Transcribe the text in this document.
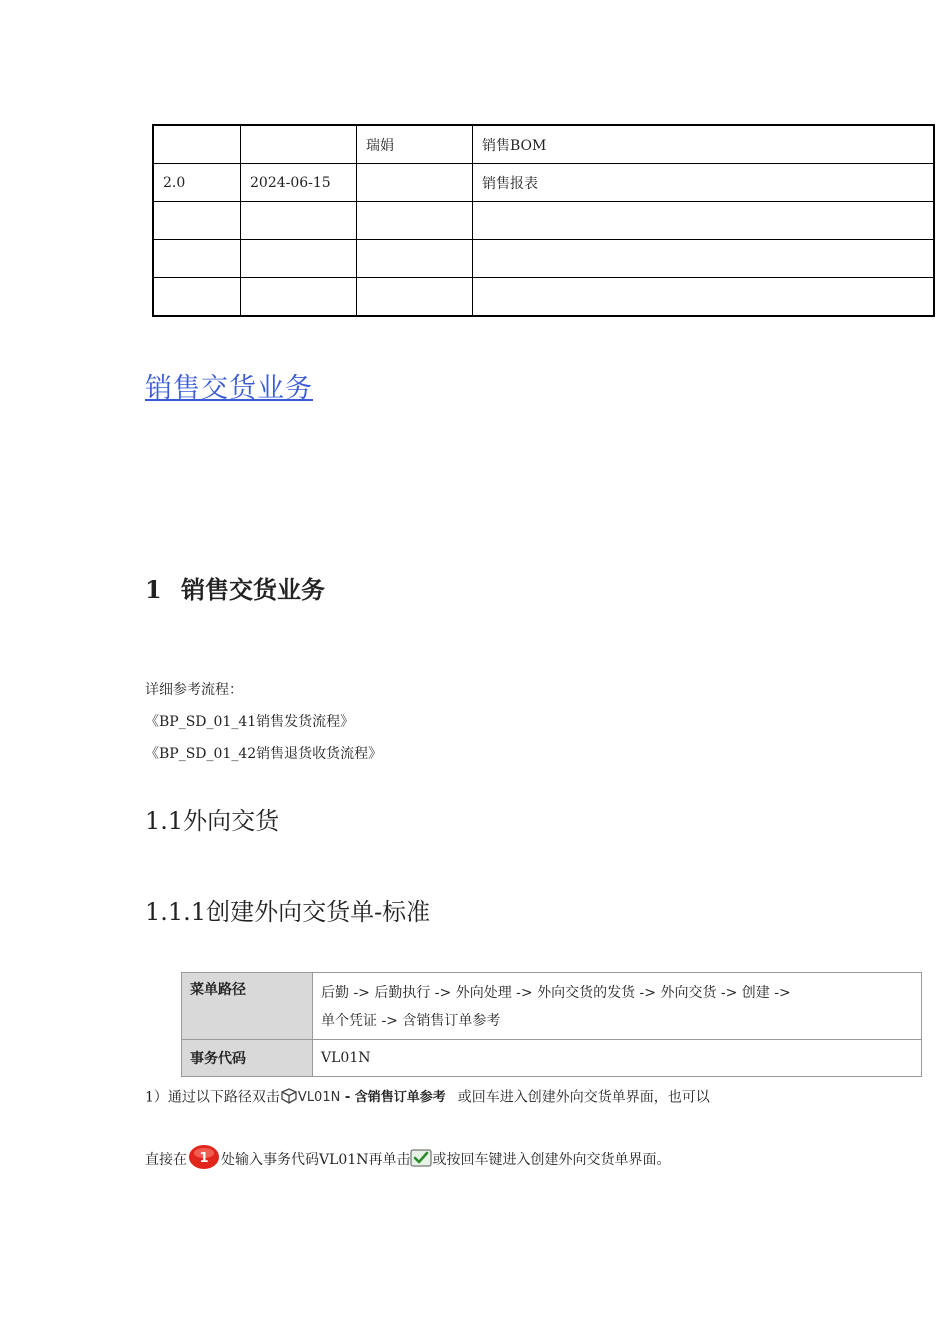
		瑞娟	销售BOM
2.0	2024-06-15		销售报表

销售交货业务
1 销售交货业务
详细参考流程：
《BP_SD_01_41销售发货流程》
《BP_SD_01_42销售退货收货流程》
1.1外向交货
1.1.1创建外向交货单-标准
菜单路径	后勤 -> 后勤执行 -> 外向处理 -> 外向交货的发货 -> 外向交货 -> 创建 ->
单个凭证 -> 含销售订单参考

事务代码	VL01N
1）通过以下路径双击 VL01N - 含销售订单参考 或回车进入创建外向交货单界面，也可以
直接在 1 处输入事务代码VL01N再单击 或按回车键进入创建外向交货单界面。
